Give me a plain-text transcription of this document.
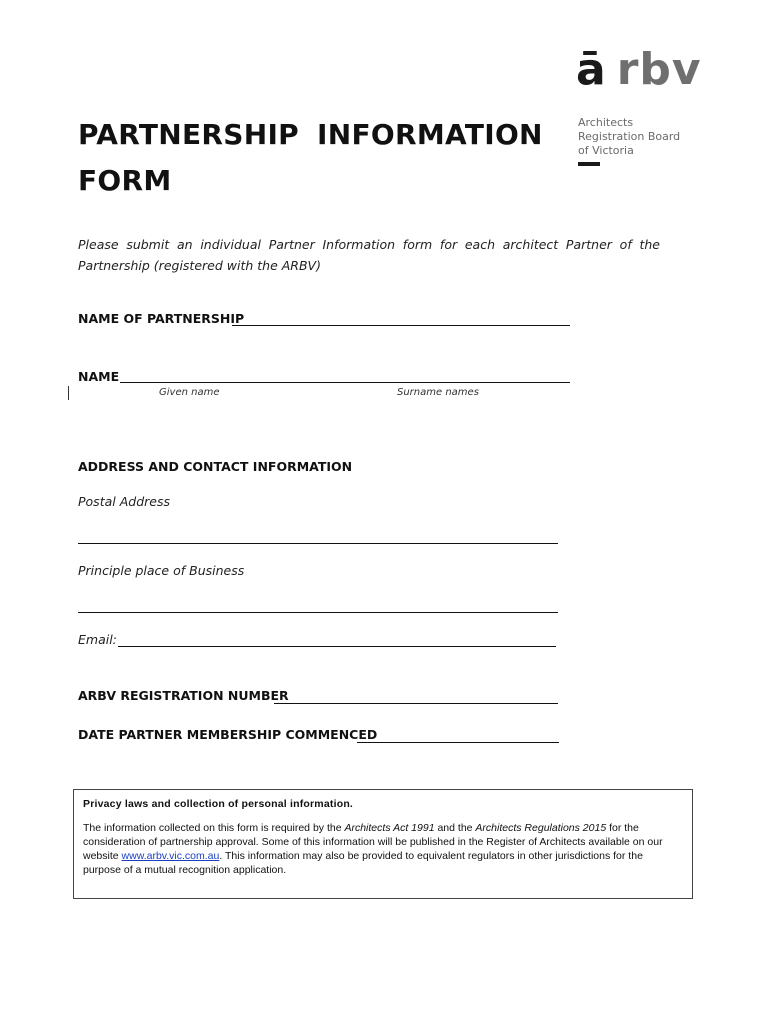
ā rbv
Architects
Registration Board
of Victoria
PARTNERSHIP INFORMATION FORM
Please submit an individual Partner Information form for each architect Partner of the Partnership (registered with the ARBV)
NAME OF PARTNERSHIP
NAME
Given name	Surname names
ADDRESS AND CONTACT INFORMATION
Postal Address
Principle place of Business
Email:
ARBV REGISTRATION NUMBER
DATE PARTNER MEMBERSHIP COMMENCED
Privacy laws and collection of personal information.
The information collected on this form is required by the Architects Act 1991 and the Architects Regulations 2015 for the consideration of partnership approval. Some of this information will be published in the Register of Architects available on our website www.arbv.vic.com.au. This information may also be provided to equivalent regulators in other jurisdictions for the purpose of a mutual recognition application.
